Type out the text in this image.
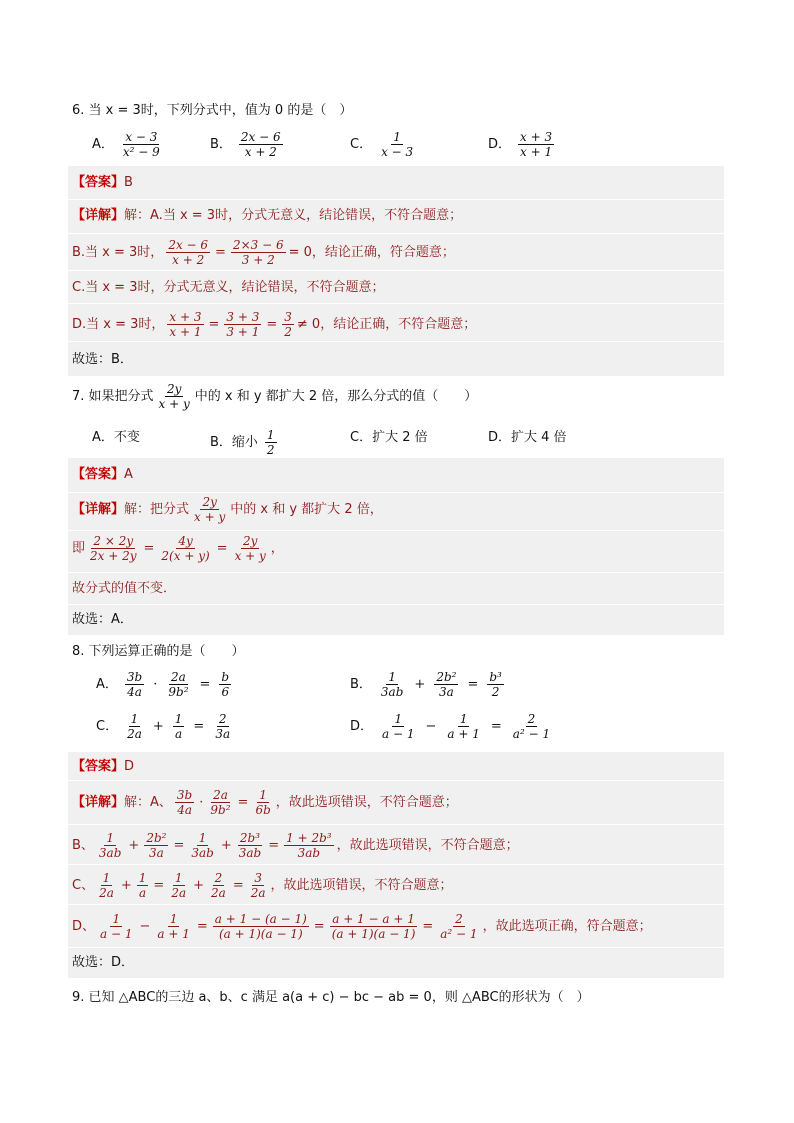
6. 当 x = 3时，下列分式中，值为 0 的是（　）
A． x − 3
x² − 9
B． 2x − 6
x + 2
C． 1
x − 3
D． x + 3
x + 1
【答案】 B
【详解】 解：A.当 x = 3时，分式无意义，结论错误，不符合题意；
B.当 x = 3时， $\frac{2x - 6}{x + 2} = \frac{2\times 3 - 6}{3 + 2} = 0$，结论正确，符合题意；
C.当 x = 3时，分式无意义，结论错误，不符合题意；
D.当 x = 3时， $\frac{x + 3}{x + 1} = \frac{3 + 3}{3 + 1} = \frac{3}{2} \ne 0$，结论正确，不符合题意；
故选：B．
7. 如果把分式 2y
x + y
中的 x 和 y 都扩大 2 倍，那么分式的值（　　）
A．不变	B．缩小 1
2
C．扩大 2 倍	D．扩大 4 倍
【答案】 A
【详解】 解：把分式 2y
x + y
中的 x 和 y 都扩大 2 倍，
即 $\frac{2 \times 2y}{2x + 2y} = \frac{4y}{2(x + y)} = \frac{2y}{x + y}$ ，
故分式的值不变．
故选：A．
8. 下列运算正确的是（　　）
A． 3b
4a
· $\frac{2a}{\text{9b²}} = \frac{b}{6}$	B． 1
3ab
+ $\frac{\text{2b²}}{3a} = \frac{\text{b³}}{2}$
C． 1
2a
+ $\frac{1}{a} = \frac{2}{3a}$	D． 1
a − 1
− $\frac{1}{a + 1} = \frac{2}{\text{a² − 1}}$
【答案】 D
【详解】 解：A、 3b
4a
· $\frac{2a}{\text{9b²}} = \frac{1}{6b}$ ，故此选项错误，不符合题意；
B、 1
3ab
+ $\frac{\text{2b²}}{3a} = \frac{1}{3ab} + \frac{\text{2b³}}{3ab} = \frac{\text{1 + 2b³}}{3ab}$ ，故此选项错误，不符合题意；
C、 1
2a
+ $\frac{1}{a} = \frac{1}{2a} + \frac{2}{2a} = \frac{3}{2a}$ ，故此选项错误，不符合题意；
D、 1
a − 1
− $\frac{1}{a + 1} = \frac{a + 1 - (a - 1)}{(a + 1)(a - 1)} = \frac{a + 1 - a + 1}{(a + 1)(a - 1)} = \frac{2}{\text{a² − 1}}$ ，故此选项正确，符合题意；
故选：D．
9. 已知 △ABC的三边 a、b、c 满足 a(a + c) − bc − ab = 0，则 △ABC的形状为（　）
